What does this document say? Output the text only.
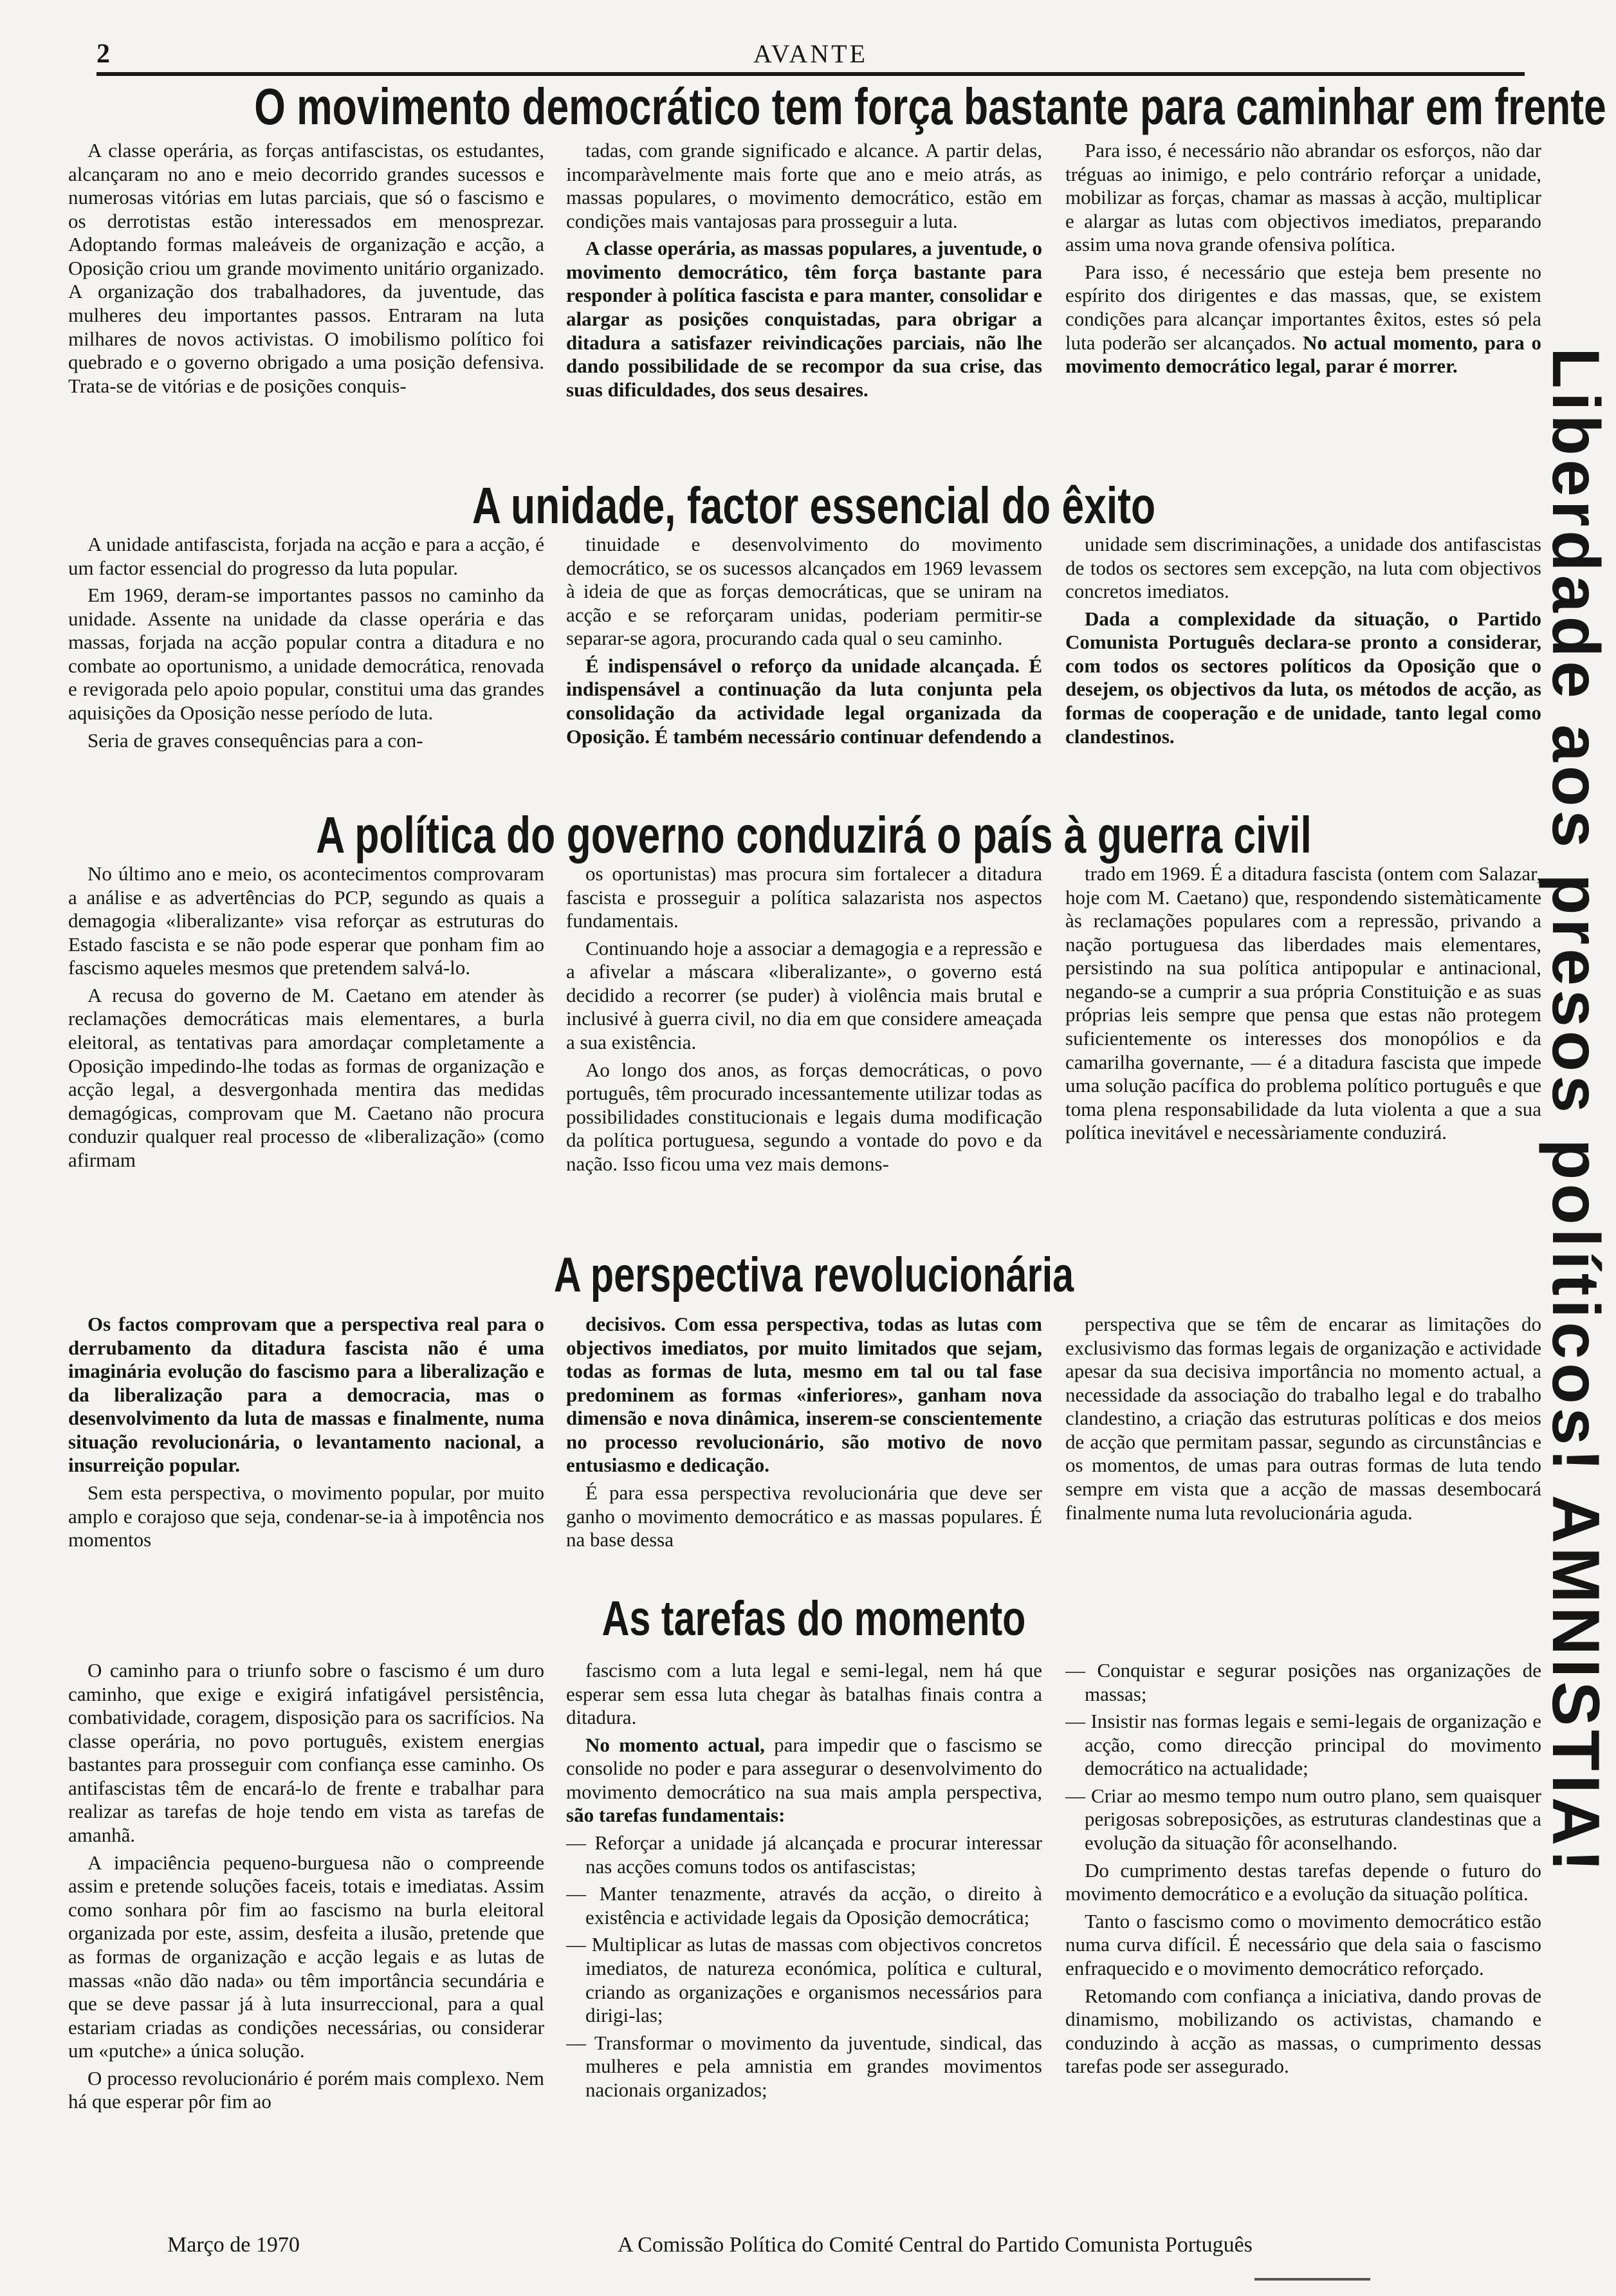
2	AVANTE
O movimento democrático tem força bastante para caminhar em frente

A classe operária, as forças antifascistas, os estudantes, alcançaram no ano e meio decorrido grandes sucessos e numerosas vitórias em lutas parciais, que só o fascismo e os derrotistas estão interessados em menosprezar. Adoptando formas maleáveis de organização e acção, a Oposição criou um grande movimento unitário organizado. A organização dos trabalhadores, da juventude, das mulheres deu importantes passos. Entraram na luta milhares de novos activistas. O imobilismo político foi quebrado e o governo obrigado a uma posição defensiva. Trata-se de vitórias e de posições conquis-

tadas, com grande significado e alcance. A partir delas, incomparàvelmente mais forte que ano e meio atrás, as massas populares, o movimento democrático, estão em condições mais vantajosas para prosseguir a luta.

A classe operária, as massas populares, a juventude, o movimento democrático, têm força bastante para responder à política fascista e para manter, consolidar e alargar as posições conquistadas, para obrigar a ditadura a satisfazer reivindicações parciais, não lhe dando possibilidade de se recompor da sua crise, das suas dificuldades, dos seus desaires.

Para isso, é necessário não abrandar os esforços, não dar tréguas ao inimigo, e pelo contrário reforçar a unidade, mobilizar as forças, chamar as massas à acção, multiplicar e alargar as lutas com objectivos imediatos, preparando assim uma nova grande ofensiva política.

Para isso, é necessário que esteja bem presente no espírito dos dirigentes e das massas, que, se existem condições para alcançar importantes êxitos, estes só pela luta poderão ser alcançados. No actual momento, para o movimento democrático legal, parar é morrer.

A unidade, factor essencial do êxito

A unidade antifascista, forjada na acção e para a acção, é um factor essencial do progresso da luta popular.

Em 1969, deram-se importantes passos no caminho da unidade. Assente na unidade da classe operária e das massas, forjada na acção popular contra a ditadura e no combate ao oportunismo, a unidade democrática, renovada e revigorada pelo apoio popular, constitui uma das grandes aquisições da Oposição nesse período de luta.

Seria de graves consequências para a con-

tinuidade e desenvolvimento do movimento democrático, se os sucessos alcançados em 1969 levassem à ideia de que as forças democráticas, que se uniram na acção e se reforçaram unidas, poderiam permitir-se separar-se agora, procurando cada qual o seu caminho.

É indispensável o reforço da unidade alcançada. É indispensável a continuação da luta conjunta pela consolidação da actividade legal organizada da Oposição. É também necessário continuar defendendo a

unidade sem discriminações, a unidade dos antifascistas de todos os sectores sem excepção, na luta com objectivos concretos imediatos.

Dada a complexidade da situação, o Partido Comunista Português declara-se pronto a considerar, com todos os sectores políticos da Oposição que o desejem, os objectivos da luta, os métodos de acção, as formas de cooperação e de unidade, tanto legal como clandestinos.

A política do governo conduzirá o país à guerra civil

No último ano e meio, os acontecimentos comprovaram a análise e as advertências do PCP, segundo as quais a demagogia «liberalizante» visa reforçar as estruturas do Estado fascista e se não pode esperar que ponham fim ao fascismo aqueles mesmos que pretendem salvá-lo.

A recusa do governo de M. Caetano em atender às reclamações democráticas mais elementares, a burla eleitoral, as tentativas para amordaçar completamente a Oposição impedindo-lhe todas as formas de organização e acção legal, a desvergonhada mentira das medidas demagógicas, comprovam que M. Caetano não procura conduzir qualquer real processo de «liberalização» (como afirmam

os oportunistas) mas procura sim fortalecer a ditadura fascista e prosseguir a política salazarista nos aspectos fundamentais.

Continuando hoje a associar a demagogia e a repressão e a afivelar a máscara «liberalizante», o governo está decidido a recorrer (se puder) à violência mais brutal e inclusivé à guerra civil, no dia em que considere ameaçada a sua existência.

Ao longo dos anos, as forças democráticas, o povo português, têm procurado incessantemente utilizar todas as possibilidades constitucionais e legais duma modificação da política portuguesa, segundo a vontade do povo e da nação. Isso ficou uma vez mais demons-

trado em 1969. É a ditadura fascista (ontem com Salazar, hoje com M. Caetano) que, respondendo sistemàticamente às reclamações populares com a repressão, privando a nação portuguesa das liberdades mais elementares, persistindo na sua política antipopular e antinacional, negando-se a cumprir a sua própria Constituição e as suas próprias leis sempre que pensa que estas não protegem suficientemente os interesses dos monopólios e da camarilha governante, — é a ditadura fascista que impede uma solução pacífica do problema político português e que toma plena responsabilidade da luta violenta a que a sua política inevitável e necessàriamente conduzirá.

A perspectiva revolucionária

Os factos comprovam que a perspectiva real para o derrubamento da ditadura fascista não é uma imaginária evolução do fascismo para a liberalização e da liberalização para a democracia, mas o desenvolvimento da luta de massas e finalmente, numa situação revolucionária, o levantamento nacional, a insurreição popular.

Sem esta perspectiva, o movimento popular, por muito amplo e corajoso que seja, condenar-se-ia à impotência nos momentos

decisivos. Com essa perspectiva, todas as lutas com objectivos imediatos, por muito limitados que sejam, todas as formas de luta, mesmo em tal ou tal fase predominem as formas «inferiores», ganham nova dimensão e nova dinâmica, inserem-se conscientemente no processo revolucionário, são motivo de novo entusiasmo e dedicação.

É para essa perspectiva revolucionária que deve ser ganho o movimento democrático e as massas populares. É na base dessa

perspectiva que se têm de encarar as limitações do exclusivismo das formas legais de organização e actividade apesar da sua decisiva importância no momento actual, a necessidade da associação do trabalho legal e do trabalho clandestino, a criação das estruturas políticas e dos meios de acção que permitam passar, segundo as circunstâncias e os momentos, de umas para outras formas de luta tendo sempre em vista que a acção de massas desembocará finalmente numa luta revolucionária aguda.

As tarefas do momento

O caminho para o triunfo sobre o fascismo é um duro caminho, que exige e exigirá infatigável persistência, combatividade, coragem, disposição para os sacrifícios. Na classe operária, no povo português, existem energias bastantes para prosseguir com confiança esse caminho. Os antifascistas têm de encará-lo de frente e trabalhar para realizar as tarefas de hoje tendo em vista as tarefas de amanhã.

A impaciência pequeno-burguesa não o compreende assim e pretende soluções faceis, totais e imediatas. Assim como sonhara pôr fim ao fascismo na burla eleitoral organizada por este, assim, desfeita a ilusão, pretende que as formas de organização e acção legais e as lutas de massas «não dão nada» ou têm importância secundária e que se deve passar já à luta insurreccional, para a qual estariam criadas as condições necessárias, ou considerar um «putche» a única solução.

O processo revolucionário é porém mais complexo. Nem há que esperar pôr fim ao

fascismo com a luta legal e semi-legal, nem há que esperar sem essa luta chegar às batalhas finais contra a ditadura.

No momento actual, para impedir que o fascismo se consolide no poder e para assegurar o desenvolvimento do movimento democrático na sua mais ampla perspectiva, são tarefas fundamentais:

— Reforçar a unidade já alcançada e procurar interessar nas acções comuns todos os antifascistas;

— Manter tenazmente, através da acção, o direito à existência e actividade legais da Oposição democrática;

— Multiplicar as lutas de massas com objectivos concretos imediatos, de natureza económica, política e cultural, criando as organizações e organismos necessários para dirigi-las;

— Transformar o movimento da juventude, sindical, das mulheres e pela amnistia em grandes movimentos nacionais organizados;

— Conquistar e segurar posições nas organizações de massas;

— Insistir nas formas legais e semi-legais de organização e acção, como direcção principal do movimento democrático na actualidade;

— Criar ao mesmo tempo num outro plano, sem quaisquer perigosas sobreposições, as estruturas clandestinas que a evolução da situação fôr aconselhando.

Do cumprimento destas tarefas depende o futuro do movimento democrático e a evolução da situação política.

Tanto o fascismo como o movimento democrático estão numa curva difícil. É necessário que dela saia o fascismo enfraquecido e o movimento democrático reforçado.

Retomando com confiança a iniciativa, dando provas de dinamismo, mobilizando os activistas, chamando e conduzindo à acção as massas, o cumprimento dessas tarefas pode ser assegurado.

Março de 1970	A Comissão Política do Comité Central do Partido Comunista Português
Liberdade aos presos políticos! AMNISTIA!
